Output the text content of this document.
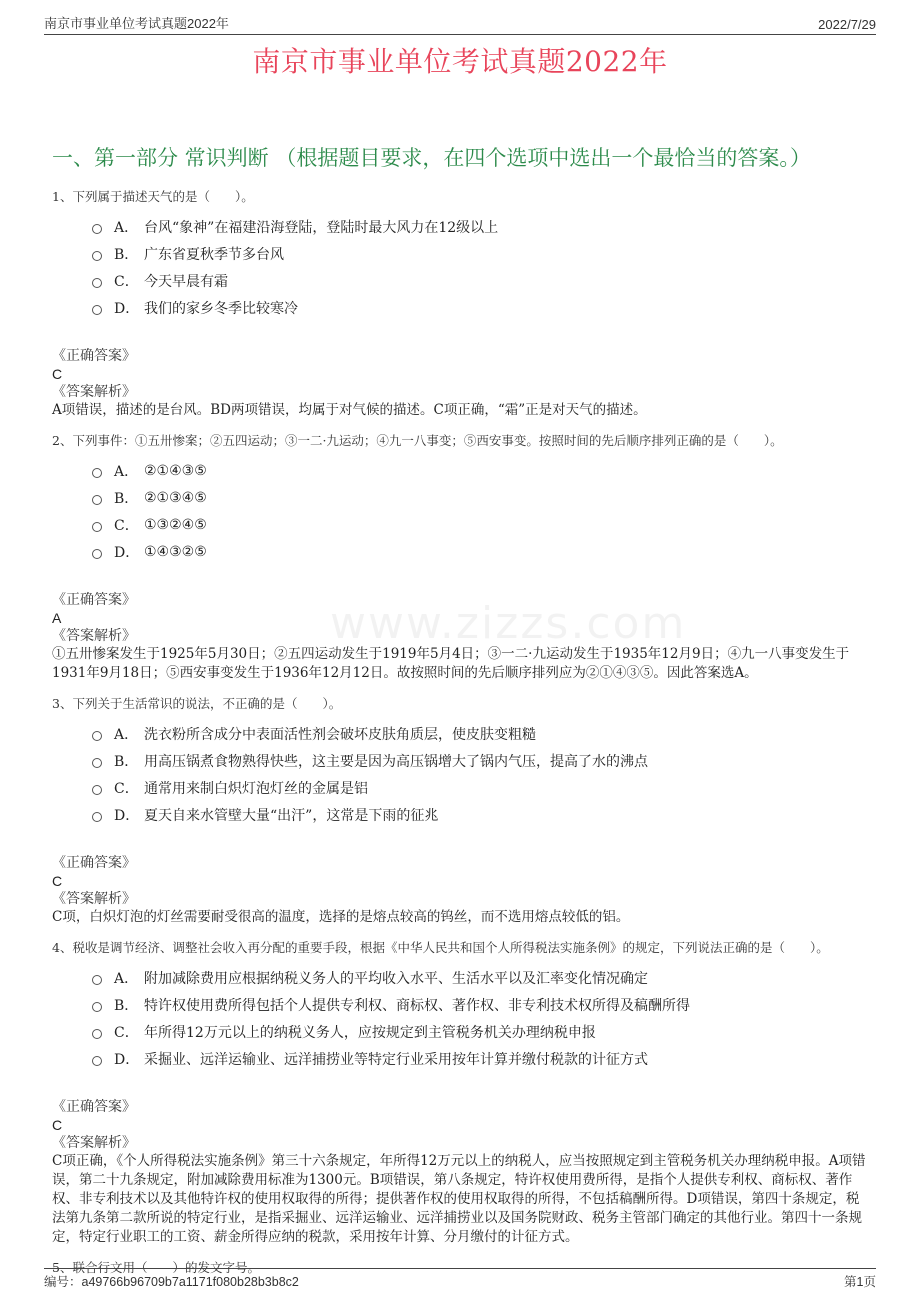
南京市事业单位考试真题2022年	2022/7/29
南京市事业单位考试真题2022年
一、第一部分 常识判断 （根据题目要求，在四个选项中选出一个最恰当的答案。）
www.zizzs.com
1、下列属于描述天气的是（　　）。
A． 台风“象神”在福建沿海登陆，登陆时最大风力在12级以上
B． 广东省夏秋季节多台风
C． 今天早晨有霜
D． 我们的家乡冬季比较寒冷
《正确答案》
C
《答案解析》
A项错误，描述的是台风。BD两项错误，均属于对气候的描述。C项正确，“霜”正是对天气的描述。
2、下列事件：①五卅惨案；②五四运动；③一二·九运动；④九一八事变；⑤西安事变。按照时间的先后顺序排列正确的是（　　）。
A． ②①④③⑤
B． ②①③④⑤
C． ①③②④⑤
D． ①④③②⑤
《正确答案》
A
《答案解析》
①五卅惨案发生于1925年5月30日；②五四运动发生于1919年5月4日；③一二·九运动发生于1935年12月9日；④九一八事变发生于1931年9月18日；⑤西安事变发生于1936年12月12日。故按照时间的先后顺序排列应为②①④③⑤。因此答案选A。
3、下列关于生活常识的说法，不正确的是（　　）。
A． 洗衣粉所含成分中表面活性剂会破坏皮肤角质层，使皮肤变粗糙
B． 用高压锅煮食物熟得快些，这主要是因为高压锅增大了锅内气压，提高了水的沸点
C． 通常用来制白炽灯泡灯丝的金属是铝
D． 夏天自来水管壁大量“出汗”，这常是下雨的征兆
《正确答案》
C
《答案解析》
C项，白炽灯泡的灯丝需要耐受很高的温度，选择的是熔点较高的钨丝，而不选用熔点较低的铝。
4、税收是调节经济、调整社会收入再分配的重要手段，根据《中华人民共和国个人所得税法实施条例》的规定，下列说法正确的是（　　）。
A． 附加减除费用应根据纳税义务人的平均收入水平、生活水平以及汇率变化情况确定
B． 特许权使用费所得包括个人提供专利权、商标权、著作权、非专利技术权所得及稿酬所得
C． 年所得12万元以上的纳税义务人，应按规定到主管税务机关办理纳税申报
D． 采掘业、远洋运输业、远洋捕捞业等特定行业采用按年计算并缴付税款的计征方式
《正确答案》
C
《答案解析》
C项正确，《个人所得税法实施条例》第三十六条规定，年所得12万元以上的纳税人，应当按照规定到主管税务机关办理纳税申报。A项错误，第二十九条规定，附加减除费用标准为1300元。B项错误，第八条规定，特许权使用费所得，是指个人提供专利权、商标权、著作权、非专利技术以及其他特许权的使用权取得的所得；提供著作权的使用权取得的所得，不包括稿酬所得。D项错误，第四十条规定，税法第九条第二款所说的特定行业，是指采掘业、远洋运输业、远洋捕捞业以及国务院财政、税务主管部门确定的其他行业。第四十一条规定，特定行业职工的工资、薪金所得应纳的税款，采用按年计算、分月缴付的计征方式。
5、联合行文用（　　）的发文字号。
编号：a49766b96709b7a1171f080b28b3b8c2	第1页
